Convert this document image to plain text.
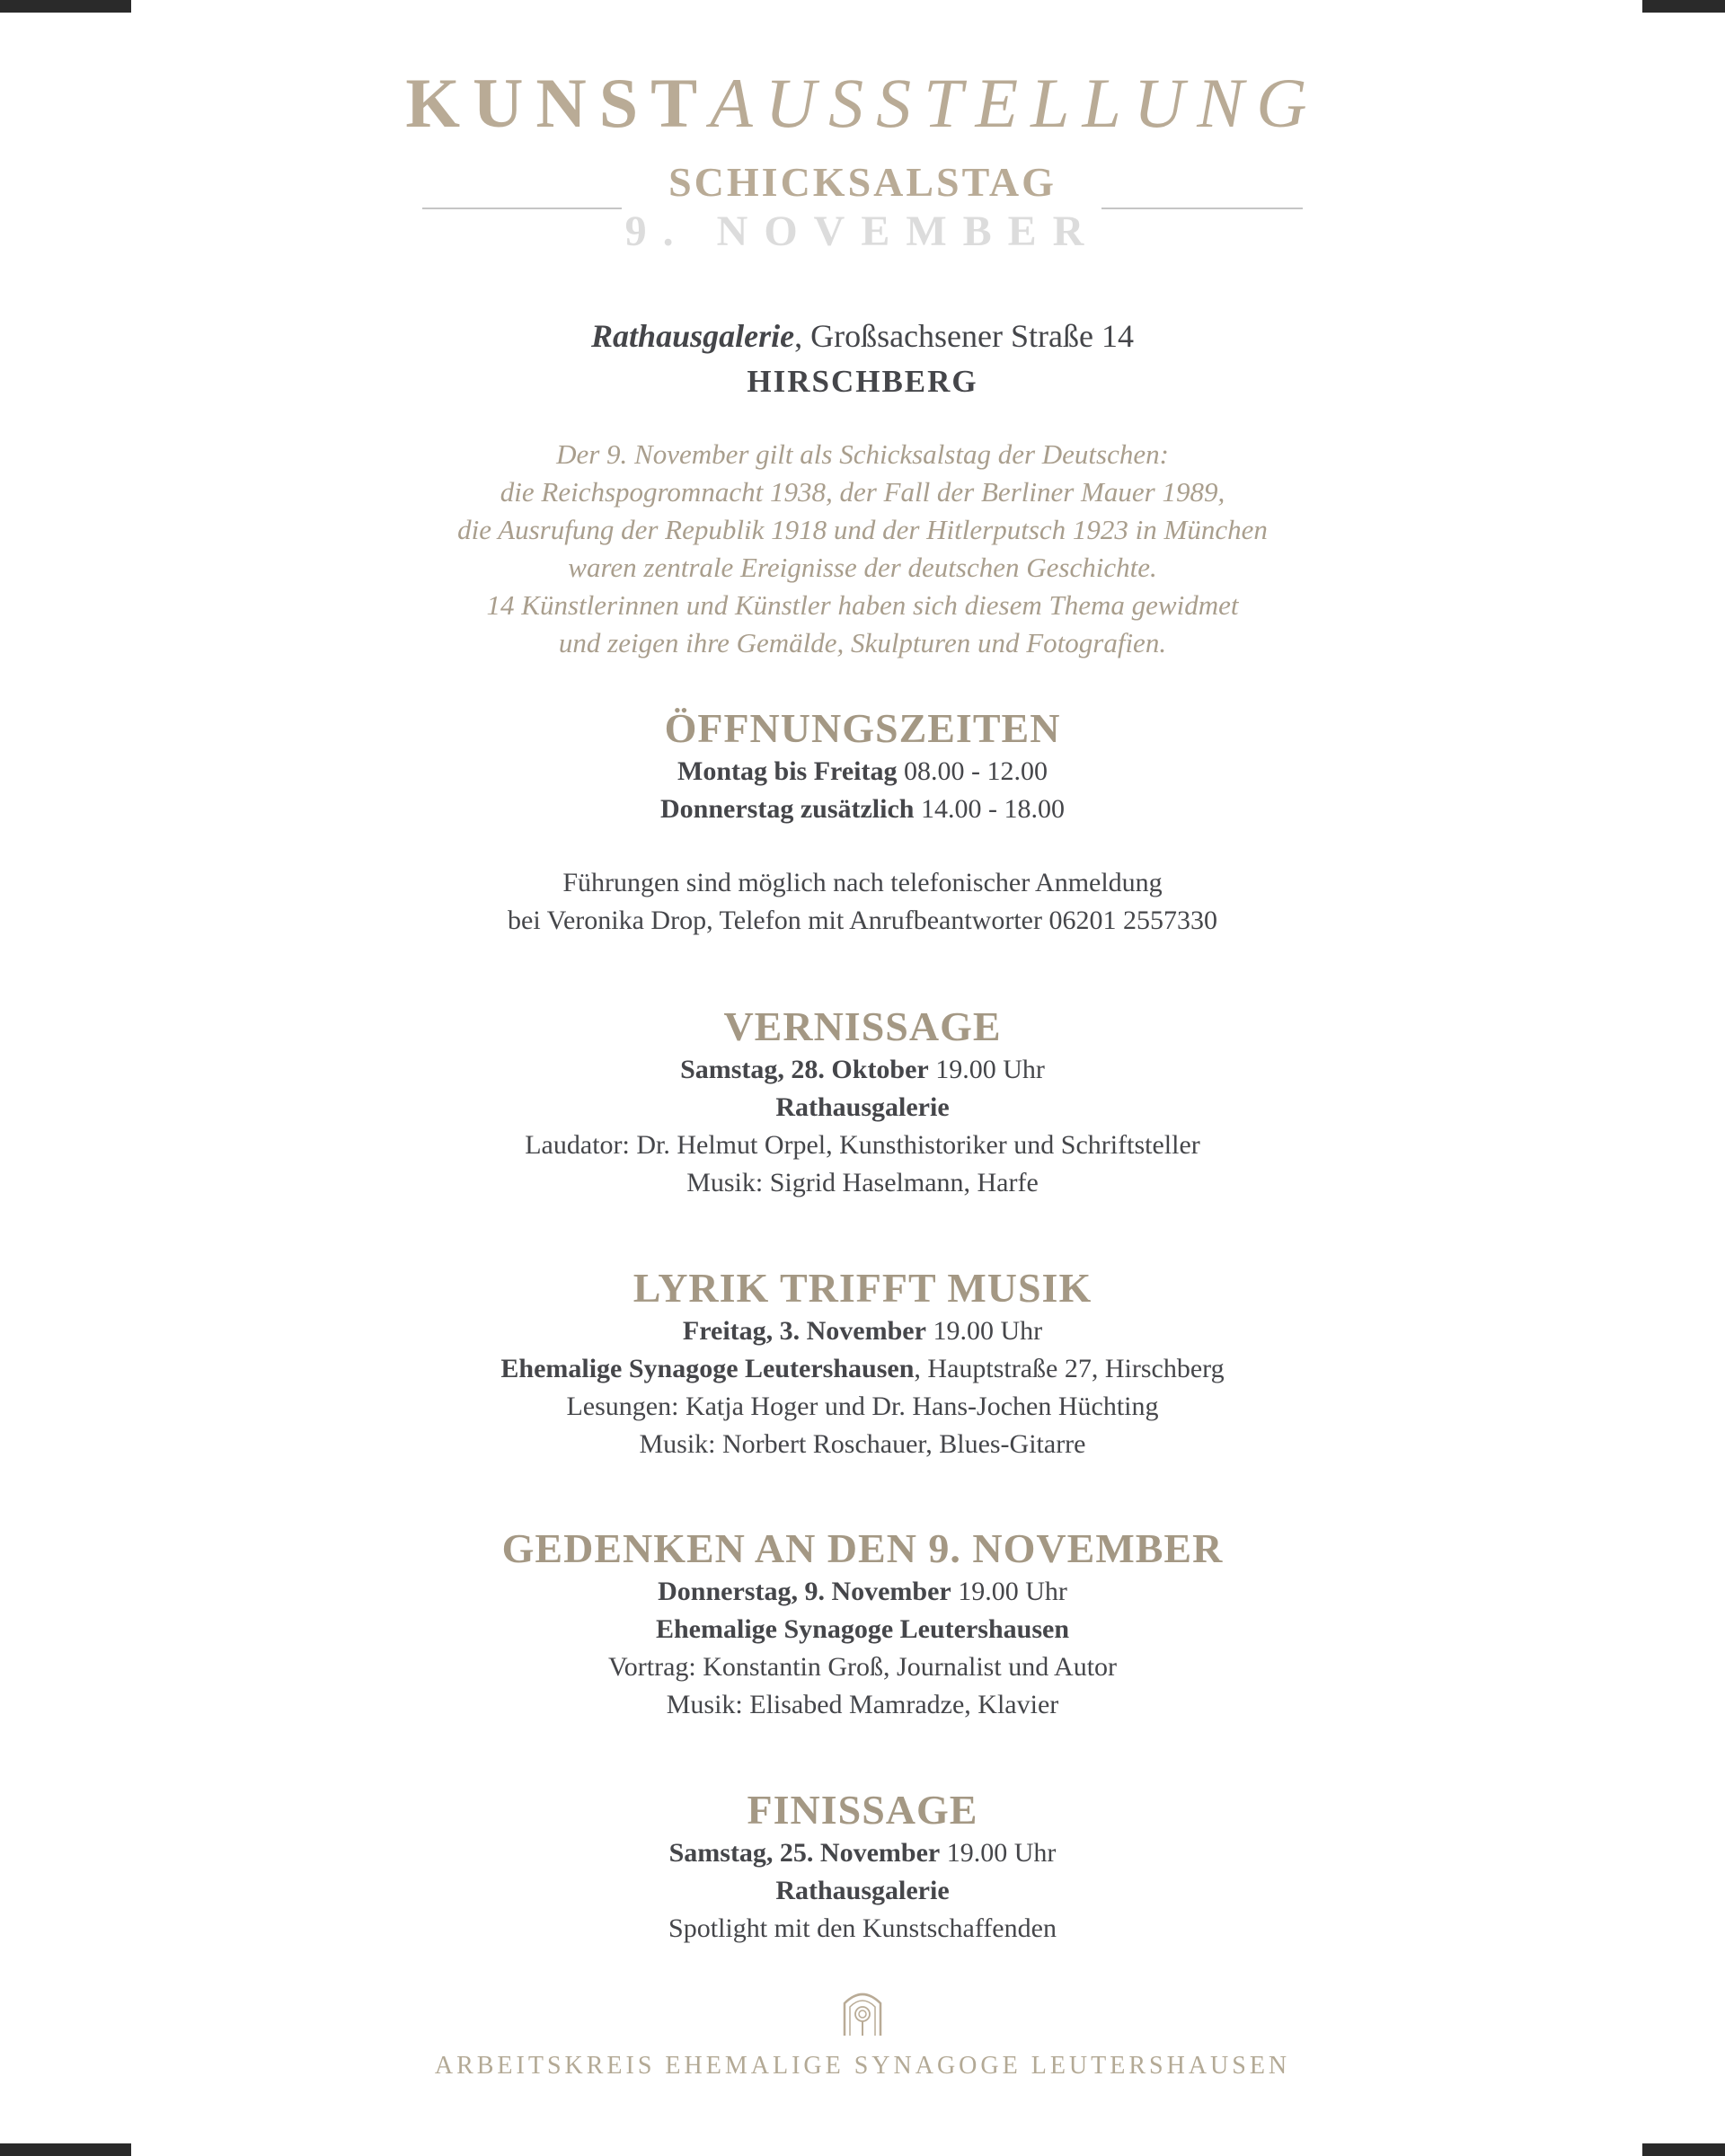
KUNSTAUSSTELLUNG
SCHICKSALSTAG
9. NOVEMBER
Rathausgalerie, Großsachsener Straße 14
HIRSCHBERG
Der 9. November gilt als Schicksalstag der Deutschen:
die Reichspogromnacht 1938, der Fall der Berliner Mauer 1989,
die Ausrufung der Republik 1918 und der Hitlerputsch 1923 in München
waren zentrale Ereignisse der deutschen Geschichte.
14 Künstlerinnen und Künstler haben sich diesem Thema gewidmet
und zeigen ihre Gemälde, Skulpturen und Fotografien.
ÖFFNUNGSZEITEN
Montag bis Freitag 08.00 - 12.00
Donnerstag zusätzlich 14.00 - 18.00
Führungen sind möglich nach telefonischer Anmeldung
bei Veronika Drop, Telefon mit Anrufbeantworter 06201 2557330
VERNISSAGE
Samstag, 28. Oktober 19.00 Uhr
Rathausgalerie
Laudator: Dr. Helmut Orpel, Kunsthistoriker und Schriftsteller
Musik: Sigrid Haselmann, Harfe
LYRIK TRIFFT MUSIK
Freitag, 3. November 19.00 Uhr
Ehemalige Synagoge Leutershausen, Hauptstraße 27, Hirschberg
Lesungen: Katja Hoger und Dr. Hans-Jochen Hüchting
Musik: Norbert Roschauer, Blues-Gitarre
GEDENKEN AN DEN 9. NOVEMBER
Donnerstag, 9. November 19.00 Uhr
Ehemalige Synagoge Leutershausen
Vortrag: Konstantin Groß, Journalist und Autor
Musik: Elisabed Mamradze, Klavier
FINISSAGE
Samstag, 25. November 19.00 Uhr
Rathausgalerie
Spotlight mit den Kunstschaffenden
ARBEITSKREIS EHEMALIGE SYNAGOGE LEUTERSHAUSEN
